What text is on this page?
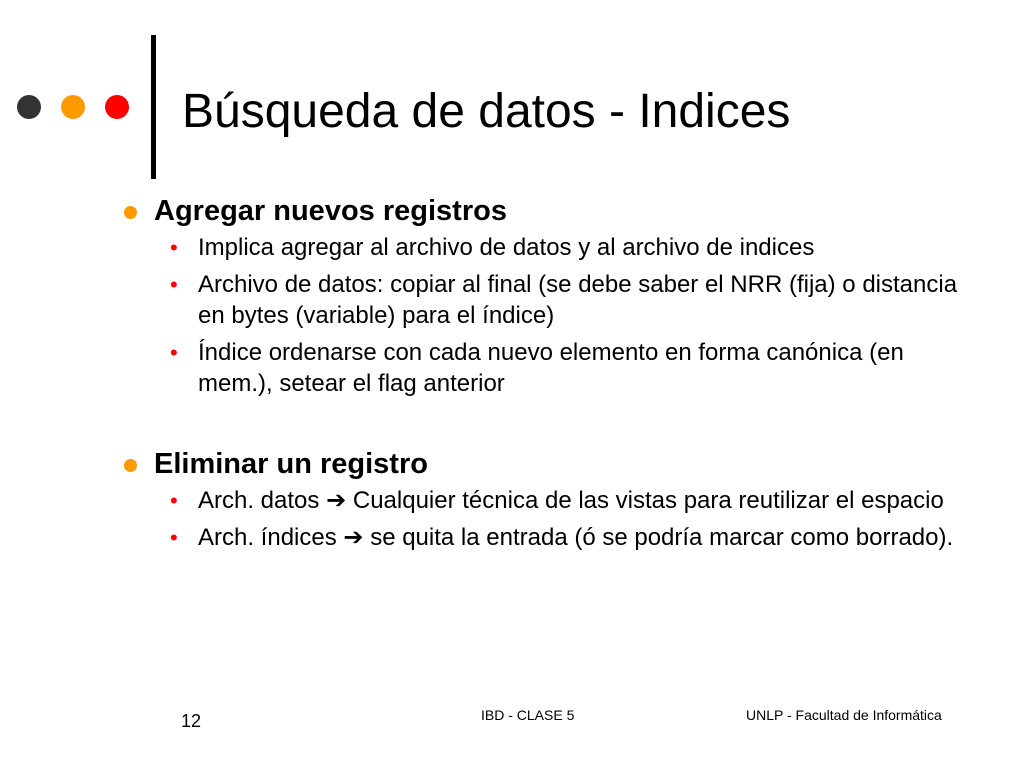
Búsqueda de datos - Indices
Agregar nuevos registros
• Implica agregar al archivo de datos y al archivo de indices
• Archivo de datos: copiar al final (se debe saber el NRR (fija) o distancia en bytes (variable) para el índice)
• Índice ordenarse con cada nuevo elemento en forma canónica (en mem.), setear el flag anterior
Eliminar un registro
• Arch. datos ➔ Cualquier técnica de las vistas para reutilizar el espacio
• Arch. índices ➔ se quita la entrada (ó se podría marcar como borrado).
12	IBD - CLASE 5	UNLP - Facultad de Informática
